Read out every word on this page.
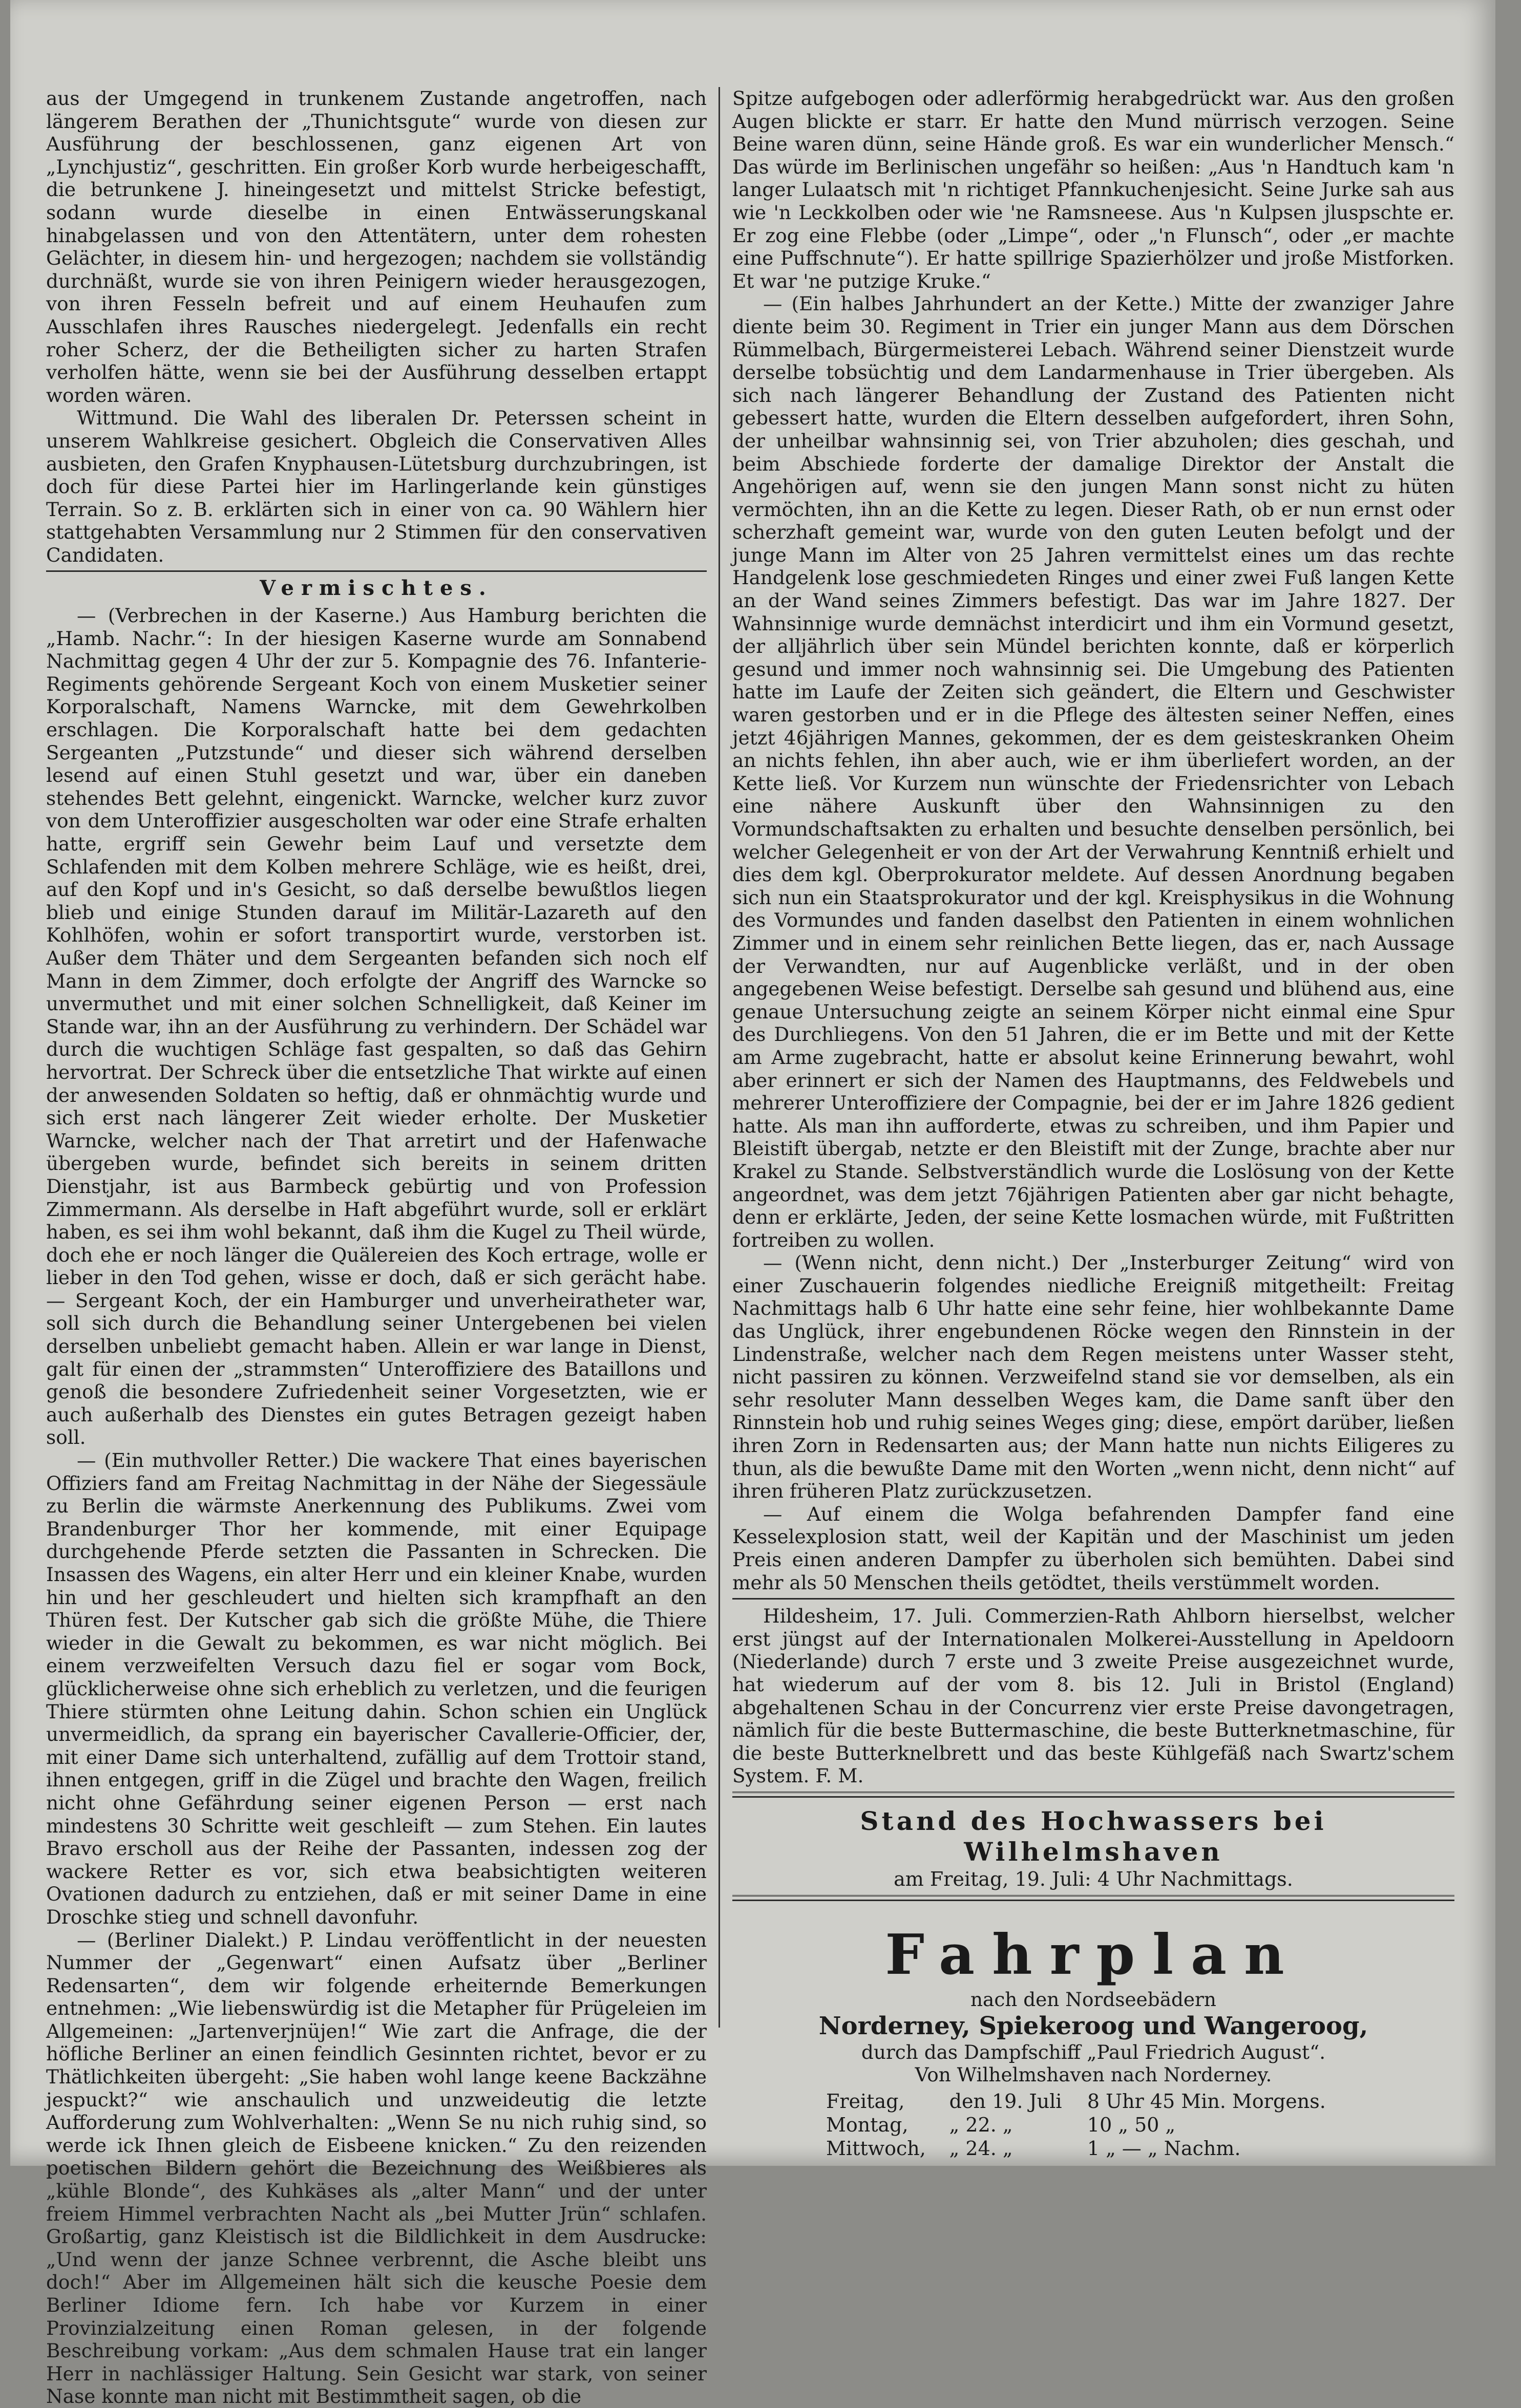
aus der Umgegend in trunkenem Zustande angetroffen, nach längerem Berathen der „Thunichtsgute“ wurde von diesen zur Ausführung der beschlossenen, ganz eigenen Art von „Lynchjustiz“, geschritten. Ein großer Korb wurde herbeigeschafft, die betrunkene J. hineingesetzt und mittelst Stricke befestigt, sodann wurde dieselbe in einen Entwässerungskanal hinabgelassen und von den Attentätern, unter dem rohesten Gelächter, in diesem hin- und hergezogen; nachdem sie vollständig durchnäßt, wurde sie von ihren Peinigern wieder herausgezogen, von ihren Fesseln befreit und auf einem Heuhaufen zum Ausschlafen ihres Rausches niedergelegt. Jedenfalls ein recht roher Scherz, der die Betheiligten sicher zu harten Strafen verholfen hätte, wenn sie bei der Ausführung desselben ertappt worden wären.

Wittmund. Die Wahl des liberalen Dr. Peterssen scheint in unserem Wahlkreise gesichert. Obgleich die Conservativen Alles ausbieten, den Grafen Knyphausen-Lütetsburg durchzubringen, ist doch für diese Partei hier im Harlingerlande kein günstiges Terrain. So z. B. erklärten sich in einer von ca. 90 Wählern hier stattgehabten Versammlung nur 2 Stimmen für den conservativen Candidaten.

Vermischtes.

— (Verbrechen in der Kaserne.) Aus Hamburg berichten die „Hamb. Nachr.“: In der hiesigen Kaserne wurde am Sonnabend Nachmittag gegen 4 Uhr der zur 5. Kompagnie des 76. Infanterie-Regiments gehörende Sergeant Koch von einem Musketier seiner Korporalschaft, Namens Warncke, mit dem Gewehrkolben erschlagen. Die Korporalschaft hatte bei dem gedachten Sergeanten „Putzstunde“ und dieser sich während derselben lesend auf einen Stuhl gesetzt und war, über ein daneben stehendes Bett gelehnt, eingenickt. Warncke, welcher kurz zuvor von dem Unteroffizier ausgescholten war oder eine Strafe erhalten hatte, ergriff sein Gewehr beim Lauf und versetzte dem Schlafenden mit dem Kolben mehrere Schläge, wie es heißt, drei, auf den Kopf und in's Gesicht, so daß derselbe bewußtlos liegen blieb und einige Stunden darauf im Militär-Lazareth auf den Kohlhöfen, wohin er sofort transportirt wurde, verstorben ist. Außer dem Thäter und dem Sergeanten befanden sich noch elf Mann in dem Zimmer, doch erfolgte der Angriff des Warncke so unvermuthet und mit einer solchen Schnelligkeit, daß Keiner im Stande war, ihn an der Ausführung zu verhindern. Der Schädel war durch die wuchtigen Schläge fast gespalten, so daß das Gehirn hervortrat. Der Schreck über die entsetzliche That wirkte auf einen der anwesenden Soldaten so heftig, daß er ohnmächtig wurde und sich erst nach längerer Zeit wieder erholte. Der Musketier Warncke, welcher nach der That arretirt und der Hafenwache übergeben wurde, befindet sich bereits in seinem dritten Dienstjahr, ist aus Barmbeck gebürtig und von Profession Zimmermann. Als derselbe in Haft abgeführt wurde, soll er erklärt haben, es sei ihm wohl bekannt, daß ihm die Kugel zu Theil würde, doch ehe er noch länger die Quälereien des Koch ertrage, wolle er lieber in den Tod gehen, wisse er doch, daß er sich gerächt habe. — Sergeant Koch, der ein Hamburger und unverheiratheter war, soll sich durch die Behandlung seiner Untergebenen bei vielen derselben unbeliebt gemacht haben. Allein er war lange in Dienst, galt für einen der „strammsten“ Unteroffiziere des Bataillons und genoß die besondere Zufriedenheit seiner Vorgesetzten, wie er auch außerhalb des Dienstes ein gutes Betragen gezeigt haben soll.

— (Ein muthvoller Retter.) Die wackere That eines bayerischen Offiziers fand am Freitag Nachmittag in der Nähe der Siegessäule zu Berlin die wärmste Anerkennung des Publikums. Zwei vom Brandenburger Thor her kommende, mit einer Equipage durchgehende Pferde setzten die Passanten in Schrecken. Die Insassen des Wagens, ein alter Herr und ein kleiner Knabe, wurden hin und her geschleudert und hielten sich krampfhaft an den Thüren fest. Der Kutscher gab sich die größte Mühe, die Thiere wieder in die Gewalt zu bekommen, es war nicht möglich. Bei einem verzweifelten Versuch dazu fiel er sogar vom Bock, glücklicherweise ohne sich erheblich zu verletzen, und die feurigen Thiere stürmten ohne Leitung dahin. Schon schien ein Unglück unvermeidlich, da sprang ein bayerischer Cavallerie-Officier, der, mit einer Dame sich unterhaltend, zufällig auf dem Trottoir stand, ihnen entgegen, griff in die Zügel und brachte den Wagen, freilich nicht ohne Gefährdung seiner eigenen Person — erst nach mindestens 30 Schritte weit geschleift — zum Stehen. Ein lautes Bravo erscholl aus der Reihe der Passanten, indessen zog der wackere Retter es vor, sich etwa beabsichtigten weiteren Ovationen dadurch zu entziehen, daß er mit seiner Dame in eine Droschke stieg und schnell davonfuhr.

— (Berliner Dialekt.) P. Lindau veröffentlicht in der neuesten Nummer der „Gegenwart“ einen Aufsatz über „Berliner Redensarten“, dem wir folgende erheiternde Bemerkungen entnehmen: „Wie liebenswürdig ist die Metapher für Prügeleien im Allgemeinen: „Jartenverjnüjen!“ Wie zart die Anfrage, die der höfliche Berliner an einen feindlich Gesinnten richtet, bevor er zu Thätlichkeiten übergeht: „Sie haben wohl lange keene Backzähne jespuckt?“ wie anschaulich und unzweideutig die letzte Aufforderung zum Wohlverhalten: „Wenn Se nu nich ruhig sind, so werde ick Ihnen gleich de Eisbeene knicken.“ Zu den reizenden poetischen Bildern gehört die Bezeichnung des Weißbieres als „kühle Blonde“, des Kuhkäses als „alter Mann“ und der unter freiem Himmel verbrachten Nacht als „bei Mutter Jrün“ schlafen. Großartig, ganz Kleistisch ist die Bildlichkeit in dem Ausdrucke: „Und wenn der janze Schnee verbrennt, die Asche bleibt uns doch!“ Aber im Allgemeinen hält sich die keusche Poesie dem Berliner Idiome fern. Ich habe vor Kurzem in einer Provinzialzeitung einen Roman gelesen, in der folgende Beschreibung vorkam: „Aus dem schmalen Hause trat ein langer Herr in nachlässiger Haltung. Sein Gesicht war stark, von seiner Nase konnte man nicht mit Bestimmtheit sagen, ob die

Spitze aufgebogen oder adlerförmig herabgedrückt war. Aus den großen Augen blickte er starr. Er hatte den Mund mürrisch verzogen. Seine Beine waren dünn, seine Hände groß. Es war ein wunderlicher Mensch.“ Das würde im Berlinischen ungefähr so heißen: „Aus 'n Handtuch kam 'n langer Lulaatsch mit 'n richtiget Pfannkuchenjesicht. Seine Jurke sah aus wie 'n Leckkolben oder wie 'ne Ramsneese. Aus 'n Kulpsen jluspschte er. Er zog eine Flebbe (oder „Limpe“, oder „'n Flunsch“, oder „er machte eine Puffschnute“). Er hatte spillrige Spazierhölzer und jroße Mistforken. Et war 'ne putzige Kruke.“

— (Ein halbes Jahrhundert an der Kette.) Mitte der zwanziger Jahre diente beim 30. Regiment in Trier ein junger Mann aus dem Dörschen Rümmelbach, Bürgermeisterei Lebach. Während seiner Dienstzeit wurde derselbe tobsüchtig und dem Landarmenhause in Trier übergeben. Als sich nach längerer Behandlung der Zustand des Patienten nicht gebessert hatte, wurden die Eltern desselben aufgefordert, ihren Sohn, der unheilbar wahnsinnig sei, von Trier abzuholen; dies geschah, und beim Abschiede forderte der damalige Direktor der Anstalt die Angehörigen auf, wenn sie den jungen Mann sonst nicht zu hüten vermöchten, ihn an die Kette zu legen. Dieser Rath, ob er nun ernst oder scherzhaft gemeint war, wurde von den guten Leuten befolgt und der junge Mann im Alter von 25 Jahren vermittelst eines um das rechte Handgelenk lose geschmiedeten Ringes und einer zwei Fuß langen Kette an der Wand seines Zimmers befestigt. Das war im Jahre 1827. Der Wahnsinnige wurde demnächst interdicirt und ihm ein Vormund gesetzt, der alljährlich über sein Mündel berichten konnte, daß er körperlich gesund und immer noch wahnsinnig sei. Die Umgebung des Patienten hatte im Laufe der Zeiten sich geändert, die Eltern und Geschwister waren gestorben und er in die Pflege des ältesten seiner Neffen, eines jetzt 46jährigen Mannes, gekommen, der es dem geisteskranken Oheim an nichts fehlen, ihn aber auch, wie er ihm überliefert worden, an der Kette ließ. Vor Kurzem nun wünschte der Friedensrichter von Lebach eine nähere Auskunft über den Wahnsinnigen zu den Vormundschaftsakten zu erhalten und besuchte denselben persönlich, bei welcher Gelegenheit er von der Art der Verwahrung Kenntniß erhielt und dies dem kgl. Oberprokurator meldete. Auf dessen Anordnung begaben sich nun ein Staatsprokurator und der kgl. Kreisphysikus in die Wohnung des Vormundes und fanden daselbst den Patienten in einem wohnlichen Zimmer und in einem sehr reinlichen Bette liegen, das er, nach Aussage der Verwandten, nur auf Augenblicke verläßt, und in der oben angegebenen Weise befestigt. Derselbe sah gesund und blühend aus, eine genaue Untersuchung zeigte an seinem Körper nicht einmal eine Spur des Durchliegens. Von den 51 Jahren, die er im Bette und mit der Kette am Arme zugebracht, hatte er absolut keine Erinnerung bewahrt, wohl aber erinnert er sich der Namen des Hauptmanns, des Feldwebels und mehrerer Unteroffiziere der Compagnie, bei der er im Jahre 1826 gedient hatte. Als man ihn aufforderte, etwas zu schreiben, und ihm Papier und Bleistift übergab, netzte er den Bleistift mit der Zunge, brachte aber nur Krakel zu Stande. Selbstverständlich wurde die Loslösung von der Kette angeordnet, was dem jetzt 76jährigen Patienten aber gar nicht behagte, denn er erklärte, Jeden, der seine Kette losmachen würde, mit Fußtritten fortreiben zu wollen.

— (Wenn nicht, denn nicht.) Der „Insterburger Zeitung“ wird von einer Zuschauerin folgendes niedliche Ereigniß mitgetheilt: Freitag Nachmittags halb 6 Uhr hatte eine sehr feine, hier wohlbekannte Dame das Unglück, ihrer engebundenen Röcke wegen den Rinnstein in der Lindenstraße, welcher nach dem Regen meistens unter Wasser steht, nicht passiren zu können. Verzweifelnd stand sie vor demselben, als ein sehr resoluter Mann desselben Weges kam, die Dame sanft über den Rinnstein hob und ruhig seines Weges ging; diese, empört darüber, ließen ihren Zorn in Redensarten aus; der Mann hatte nun nichts Eiligeres zu thun, als die bewußte Dame mit den Worten „wenn nicht, denn nicht“ auf ihren früheren Platz zurückzusetzen.

— Auf einem die Wolga befahrenden Dampfer fand eine Kesselexplosion statt, weil der Kapitän und der Maschinist um jeden Preis einen anderen Dampfer zu überholen sich bemühten. Dabei sind mehr als 50 Menschen theils getödtet, theils verstümmelt worden.

Hildesheim, 17. Juli. Commerzien-Rath Ahlborn hierselbst, welcher erst jüngst auf der Internationalen Molkerei-Ausstellung in Apeldoorn (Niederlande) durch 7 erste und 3 zweite Preise ausgezeichnet wurde, hat wiederum auf der vom 8. bis 12. Juli in Bristol (England) abgehaltenen Schau in der Concurrenz vier erste Preise davongetragen, nämlich für die beste Buttermaschine, die beste Butterknetmaschine, für die beste Butterknelbrett und das beste Kühlgefäß nach Swartz'schem System. F. M.

Stand des Hochwassers bei Wilhelmshaven
am Freitag, 19. Juli: 4 Uhr Nachmittags.
Fahrplan
nach den Nordseebädern
Norderney, Spiekeroog und Wangeroog,
durch das Dampfschiff „Paul Friedrich August“.
Von Wilhelmshaven nach Norderney.
Freitag,	den 19. Juli	8 Uhr 45 Min. Morgens.
Montag,	„ 22. „	10 „ 50 „
Mittwoch,	„ 24. „	1 „ — „ Nachm.
